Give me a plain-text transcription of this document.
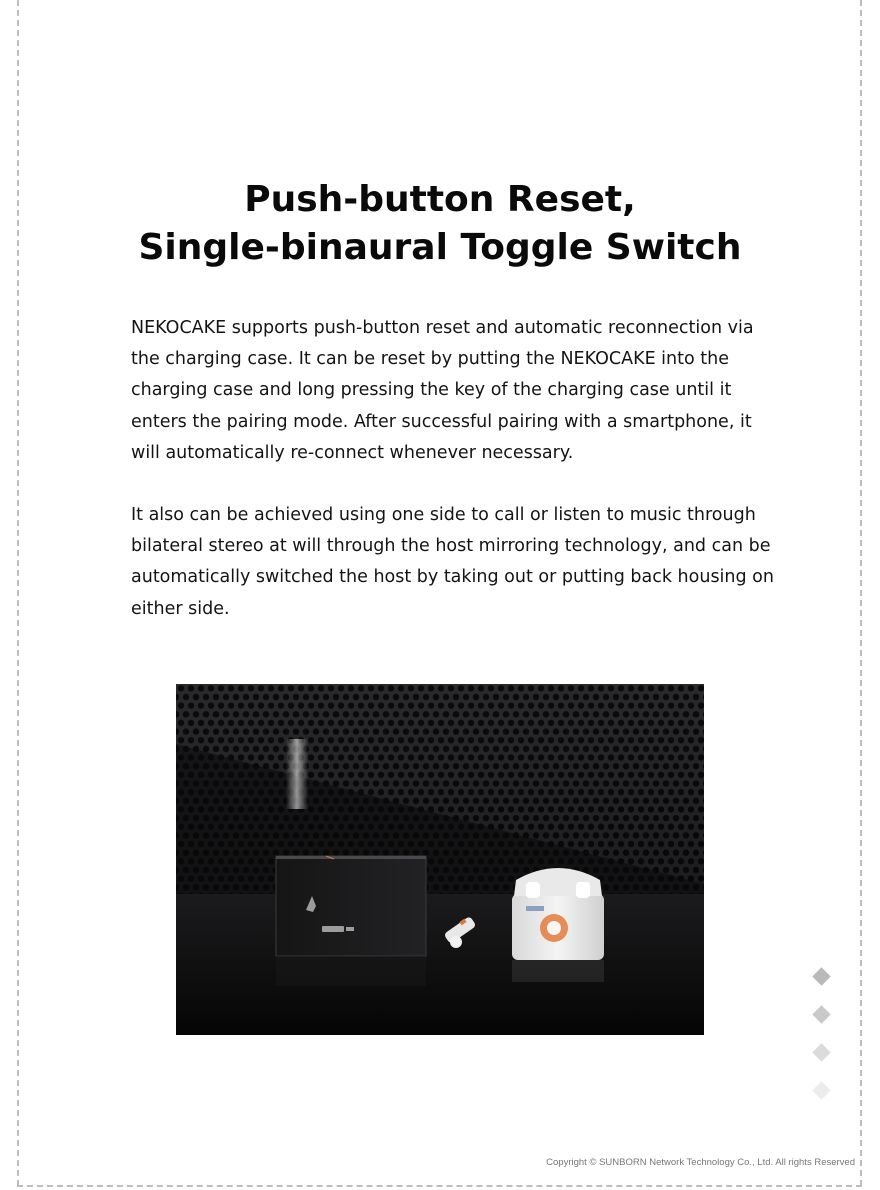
Push-button Reset,
Single-binaural Toggle Switch

NEKOCAKE supports push-button reset and automatic reconnection via the charging case. It can be reset by putting the NEKOCAKE into the charging case and long pressing the key of the charging case until it enters the pairing mode. After successful pairing with a smartphone, it will automatically re-connect whenever necessary.

It also can be achieved using one side to call or listen to music through bilateral stereo at will through the host mirroring technology, and can be automatically switched the host by taking out or putting back housing on either side.

Copyright © SUNBORN Network Technology Co., Ltd. All rights Reserved
